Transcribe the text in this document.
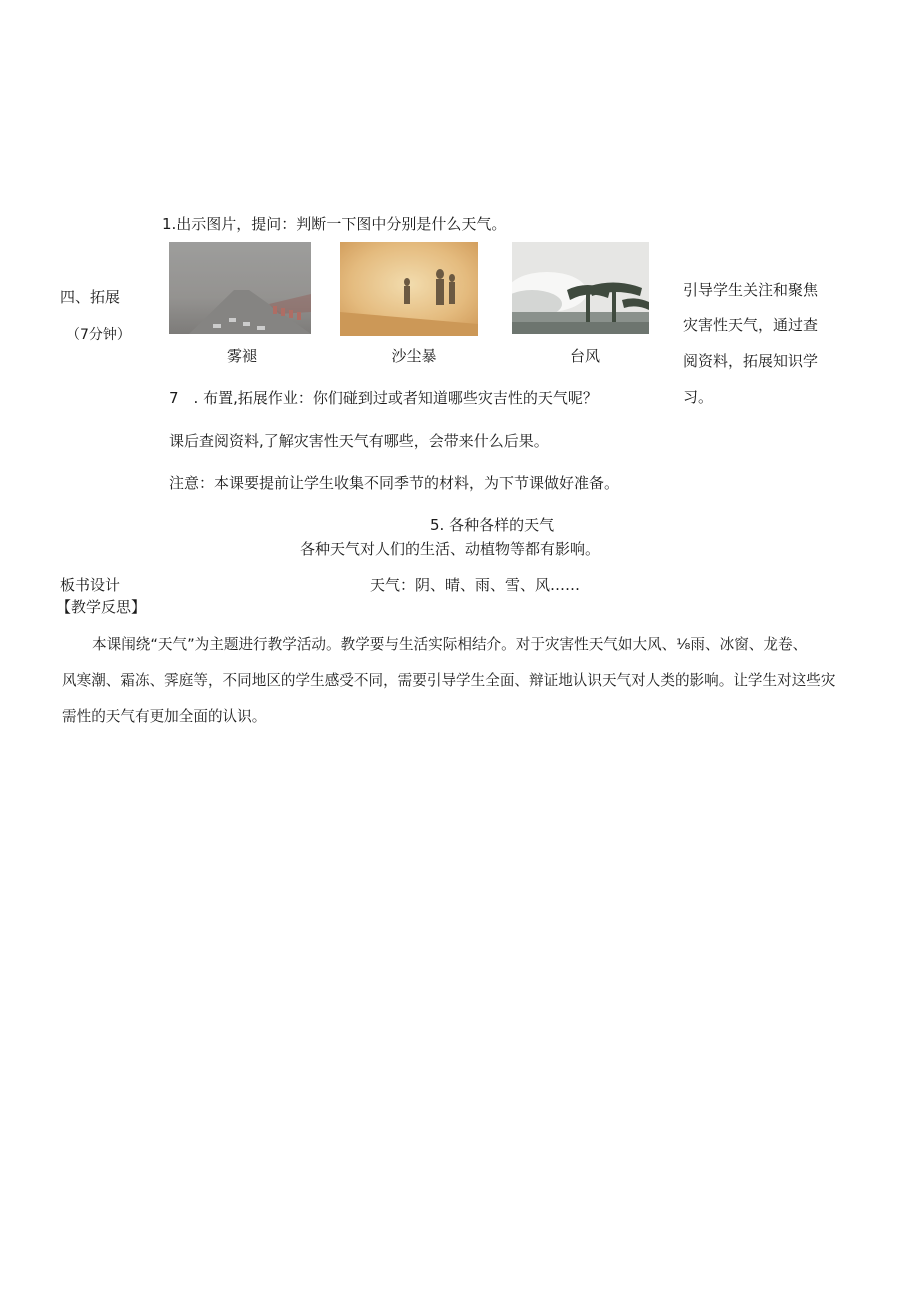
四、拓展
（7分钟）
1.出示图片，提问：判断一下图中分别是什么天气。
雾褪	沙尘暴	台风
引导学生关注和聚焦
灾害性天气，通过查
阅资料，拓展知识学
习。
7　. 布置,拓展作业：你们碰到过或者知道哪些灾吉性的天气呢？
课后查阅资料,了解灾害性天气有哪些，会带来什么后果。
注意：本课要提前让学生收集不同季节的材料，为下节课做好准备。
5. 各种各样的天气
各种天气对人们的生活、动植物等都有影响。
板书设计	天气：阴、晴、雨、雪、风……
【教学反思】
本课闱绕“天气”为主题进行教学活动。教学要与生活实际相结介。对于灾害性天气如大风、⅛雨、冰窗、龙卷、
风寒潮、霜冻、霁庭等，不同地区的学生感受不同，需要引导学生全面、辩证地认识天气对人类的影响。让学生对这些灾
需性的天气有更加全面的认识。
